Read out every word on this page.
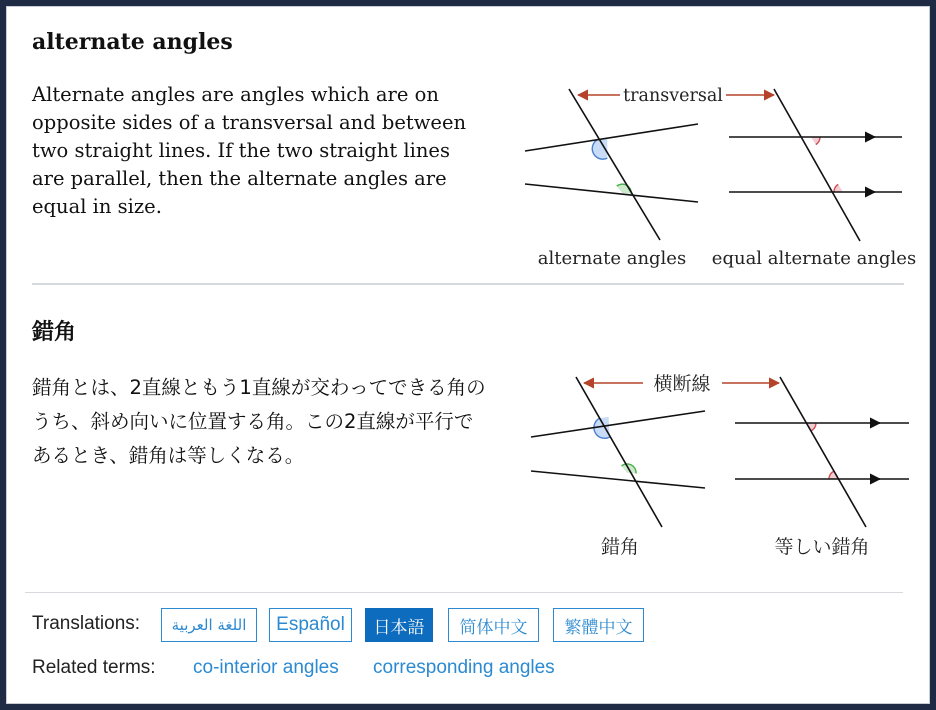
alternate angles

Alternate angles are angles which are on opposite sides of a transversal and between two straight lines. If the two straight lines are parallel, then the alternate angles are equal in size.

transversal
alternate angles equal alternate angles
錯角

錯角とは、2直線ともう1直線が交わってできる角のうち、斜め向いに位置する角。この2直線が平行であるとき、錯角は等しくなる。

横断線
錯角	等しい錯角
Translations:	اللغة العربية	Español	日本語	简体中文	繁體中文
Related terms: co-interior angles corresponding angles
